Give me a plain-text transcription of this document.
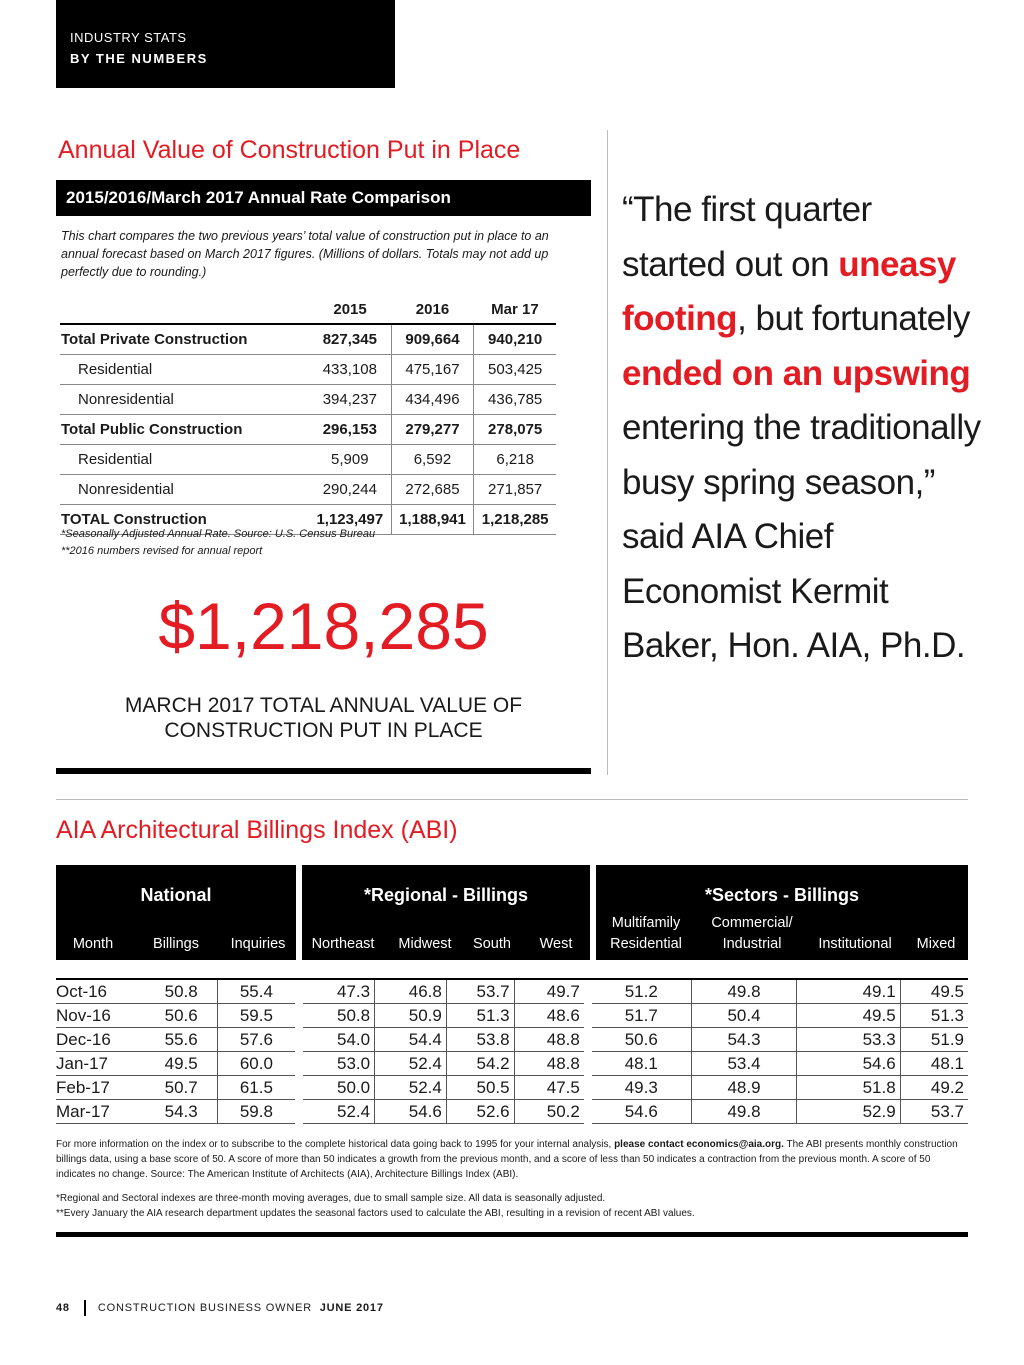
INDUSTRY STATS
BY THE NUMBERS
Annual Value of Construction Put in Place
2015/2016/March 2017 Annual Rate Comparison
This chart compares the two previous years’ total value of construction put in place to an annual forecast based on March 2017 figures. (Millions of dollars. Totals may not add up perfectly due to rounding.)
	2015	2016	Mar 17
Total Private Construction	827,345	909,664	940,210
Residential	433,108	475,167	503,425
Nonresidential	394,237	434,496	436,785
Total Public Construction	296,153	279,277	278,075
Residential	5,909	6,592	6,218
Nonresidential	290,244	272,685	271,857
TOTAL Construction	1,123,497	1,188,941	1,218,285
*Seasonally Adjusted Annual Rate. Source: U.S. Census Bureau
**2016 numbers revised for annual report
$1,218,285
MARCH 2017 TOTAL ANNUAL VALUE OF
CONSTRUCTION PUT IN PLACE
“The first quarter started out on uneasy footing, but fortunately ended on an upswing entering the traditionally busy spring season,” said AIA Chief Economist Kermit Baker, Hon. AIA, Ph.D.
AIA Architectural Billings Index (ABI)
National
Month	Billings	Inquiries
*Regional - Billings
Northeast	Midwest	South	West
*Sectors - Billings
Multifamily
Residential
Commercial/
Industrial	Institutional	Mixed
Oct-16	50.8	55.4		47.3	46.8	53.7	49.7		51.2	49.8	49.1	49.5
Nov-16	50.6	59.5		50.8	50.9	51.3	48.6		51.7	50.4	49.5	51.3
Dec-16	55.6	57.6		54.0	54.4	53.8	48.8		50.6	54.3	53.3	51.9
Jan-17	49.5	60.0		53.0	52.4	54.2	48.8		48.1	53.4	54.6	48.1
Feb-17	50.7	61.5		50.0	52.4	50.5	47.5		49.3	48.9	51.8	49.2
Mar-17	54.3	59.8		52.4	54.6	52.6	50.2		54.6	49.8	52.9	53.7

For more information on the index or to subscribe to the complete historical data going back to 1995 for your internal analysis, please contact economics@aia.org. The ABI presents monthly construction billings data, using a base score of 50. A score of more than 50 indicates a growth from the previous month, and a score of less than 50 indicates a contraction from the previous month. A score of 50 indicates no change. Source: The American Institute of Architects (AIA), Architecture Billings Index (ABI).

*Regional and Sectoral indexes are three-month moving averages, due to small sample size. All data is seasonally adjusted.

**Every January the AIA research department updates the seasonal factors used to calculate the ABI, resulting in a revision of recent ABI values.

48	CONSTRUCTION BUSINESS OWNER JUNE 2017
